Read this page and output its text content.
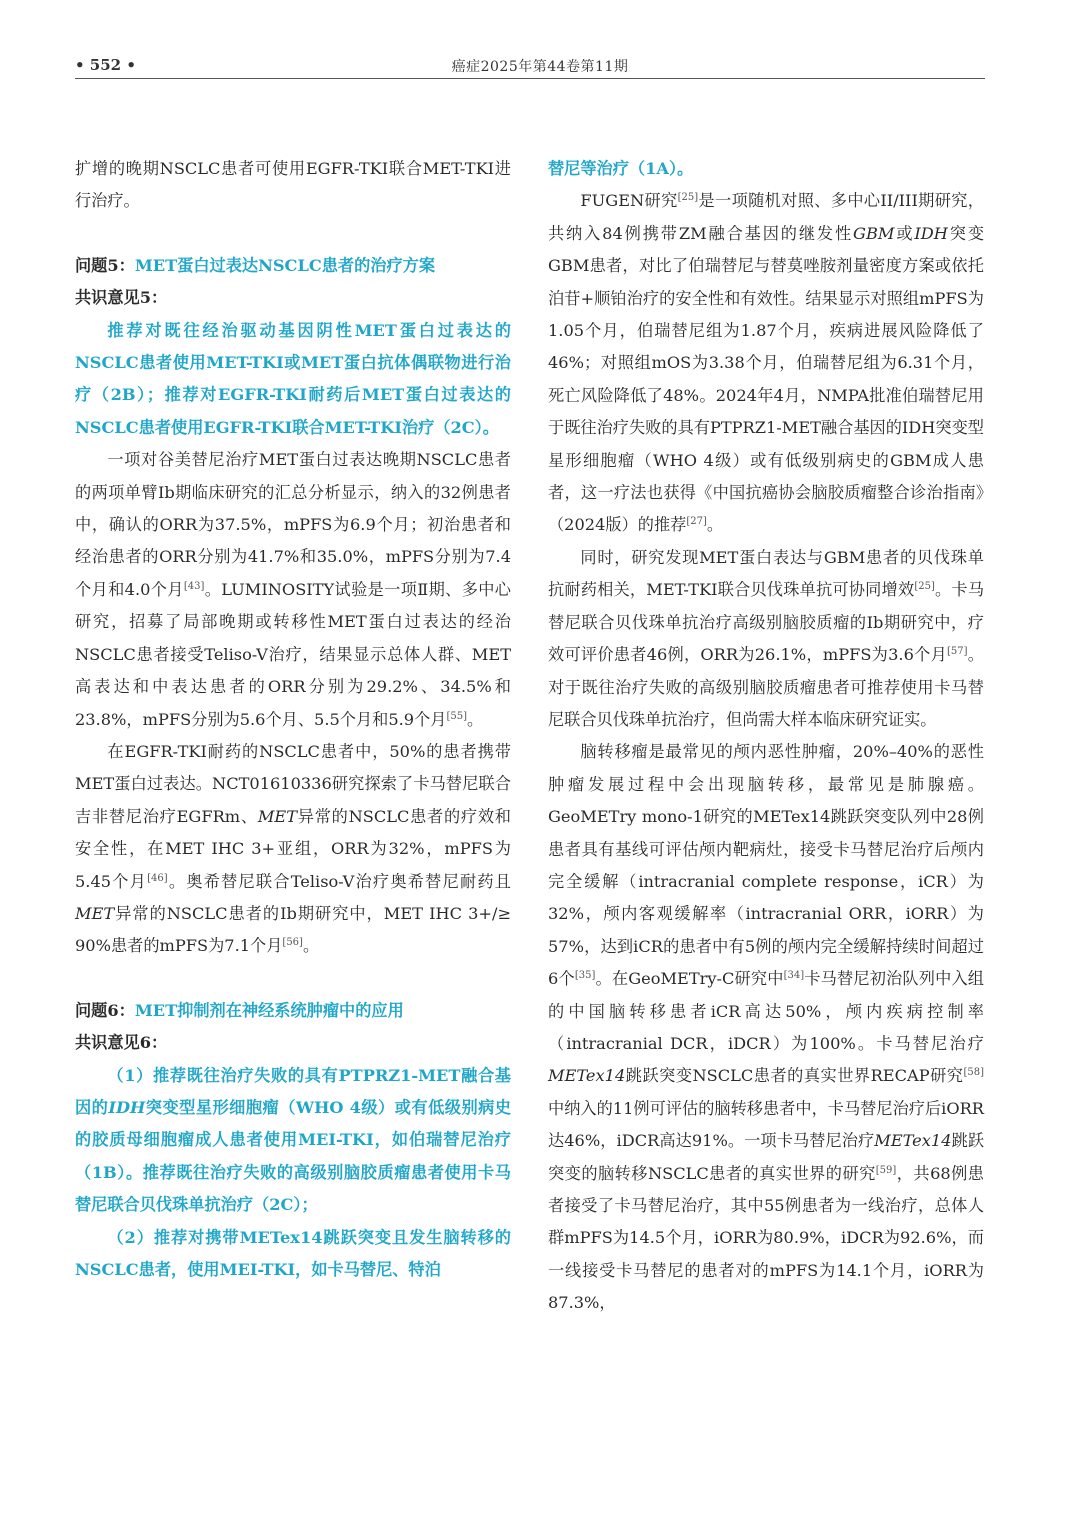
• 552 •	癌症2025年第44卷第11期

扩增的晚期NSCLC患者可使用EGFR-TKI联合MET-TKI进行治疗。

问题5：MET蛋白过表达NSCLC患者的治疗方案

共识意见5：

推荐对既往经治驱动基因阴性MET蛋白过表达的NSCLC患者使用MET-TKI或MET蛋白抗体偶联物进行治疗（2B）；推荐对EGFR-TKI耐药后MET蛋白过表达的NSCLC患者使用EGFR-TKI联合MET-TKI治疗（2C）。

一项对谷美替尼治疗MET蛋白过表达晚期NSCLC患者的两项单臂Ib期临床研究的汇总分析显示，纳入的32例患者中，确认的ORR为37.5%，mPFS为6.9个月；初治患者和经治患者的ORR分别为41.7%和35.0%，mPFS分别为7.4个月和4.0个月[43]。LUMINOSITY试验是一项Ⅱ期、多中心研究，招募了局部晚期或转移性MET蛋白过表达的经治NSCLC患者接受Teliso-V治疗，结果显示总体人群、MET高表达和中表达患者的ORR分别为29.2%、34.5%和23.8%，mPFS分别为5.6个月、5.5个月和5.9个月[55]。

在EGFR-TKI耐药的NSCLC患者中，50%的患者携带MET蛋白过表达。NCT01610336研究探索了卡马替尼联合吉非替尼治疗EGFRm、MET异常的NSCLC患者的疗效和安全性，在MET IHC 3+亚组，ORR为32%，mPFS为5.45个月[46]。奥希替尼联合Teliso-V治疗奥希替尼耐药且MET异常的NSCLC患者的Ib期研究中，MET IHC 3+/≥ 90%患者的mPFS为7.1个月[56]。

问题6：MET抑制剂在神经系统肿瘤中的应用

共识意见6：

（1）推荐既往治疗失败的具有PTPRZ1-MET融合基因的IDH突变型星形细胞瘤（WHO 4级）或有低级别病史的胶质母细胞瘤成人患者使用MEI-TKI，如伯瑞替尼治疗（1B）。推荐既往治疗失败的高级别脑胶质瘤患者使用卡马替尼联合贝伐珠单抗治疗（2C）；

（2）推荐对携带METex14跳跃突变且发生脑转移的NSCLC患者，使用MEI-TKI，如卡马替尼、特泊

替尼等治疗（1A）。

FUGEN研究[25]是一项随机对照、多中心II/III期研究，共纳入84例携带ZM融合基因的继发性GBM或IDH突变GBM患者，对比了伯瑞替尼与替莫唑胺剂量密度方案或依托泊苷+顺铂治疗的安全性和有效性。结果显示对照组mPFS为1.05个月，伯瑞替尼组为1.87个月，疾病进展风险降低了46%；对照组mOS为3.38个月，伯瑞替尼组为6.31个月，死亡风险降低了48%。2024年4月，NMPA批准伯瑞替尼用于既往治疗失败的具有PTPRZ1-MET融合基因的IDH突变型星形细胞瘤（WHO 4级）或有低级别病史的GBM成人患者，这一疗法也获得《中国抗癌协会脑胶质瘤整合诊治指南》（2024版）的推荐[27]。

同时，研究发现MET蛋白表达与GBM患者的贝伐珠单抗耐药相关，MET-TKI联合贝伐珠单抗可协同增效[25]。卡马替尼联合贝伐珠单抗治疗高级别脑胶质瘤的Ib期研究中，疗效可评价患者46例，ORR为26.1%，mPFS为3.6个月[57]。对于既往治疗失败的高级别脑胶质瘤患者可推荐使用卡马替尼联合贝伐珠单抗治疗，但尚需大样本临床研究证实。

脑转移瘤是最常见的颅内恶性肿瘤，20%–40%的恶性肿瘤发展过程中会出现脑转移，最常见是肺腺癌。GeoMETry mono-1研究的METex14跳跃突变队列中28例患者具有基线可评估颅内靶病灶，接受卡马替尼治疗后颅内完全缓解（intracranial complete response，iCR）为32%，颅内客观缓解率（intracranial ORR，iORR）为57%，达到iCR的患者中有5例的颅内完全缓解持续时间超过6个[35]。在GeoMETry-C研究中[34]卡马替尼初治队列中入组的中国脑转移患者iCR高达50%，颅内疾病控制率（intracranial DCR，iDCR）为100%。卡马替尼治疗METex14跳跃突变NSCLC患者的真实世界RECAP研究[58]中纳入的11例可评估的脑转移患者中，卡马替尼治疗后iORR达46%，iDCR高达91%。一项卡马替尼治疗METex14跳跃突变的脑转移NSCLC患者的真实世界的研究[59]，共68例患者接受了卡马替尼治疗，其中55例患者为一线治疗，总体人群mPFS为14.5个月，iORR为80.9%，iDCR为92.6%，而一线接受卡马替尼的患者对的mPFS为14.1个月，iORR为87.3%，
